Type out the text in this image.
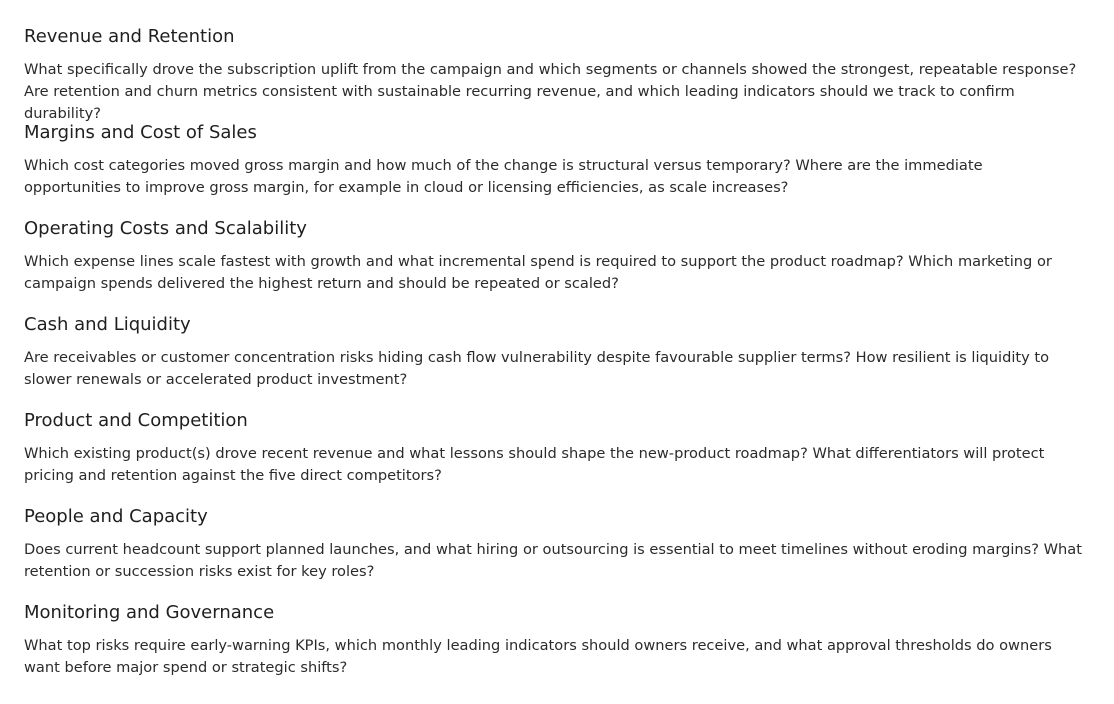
Revenue and Retention

What specifically drove the subscription uplift from the campaign and which segments or channels showed the strongest, repeatable response? Are retention and churn metrics consistent with sustainable recurring revenue, and which leading indicators should we track to confirm durability?

Margins and Cost of Sales

Which cost categories moved gross margin and how much of the change is structural versus temporary? Where are the immediate opportunities to improve gross margin, for example in cloud or licensing efficiencies, as scale increases?

Operating Costs and Scalability

Which expense lines scale fastest with growth and what incremental spend is required to support the product roadmap? Which marketing or campaign spends delivered the highest return and should be repeated or scaled?

Cash and Liquidity

Are receivables or customer concentration risks hiding cash flow vulnerability despite favourable supplier terms? How resilient is liquidity to slower renewals or accelerated product investment?

Product and Competition

Which existing product(s) drove recent revenue and what lessons should shape the new-product roadmap? What differentiators will protect pricing and retention against the five direct competitors?

People and Capacity

Does current headcount support planned launches, and what hiring or outsourcing is essential to meet timelines without eroding margins? What retention or succession risks exist for key roles?

Monitoring and Governance

What top risks require early-warning KPIs, which monthly leading indicators should owners receive, and what approval thresholds do owners want before major spend or strategic shifts?
